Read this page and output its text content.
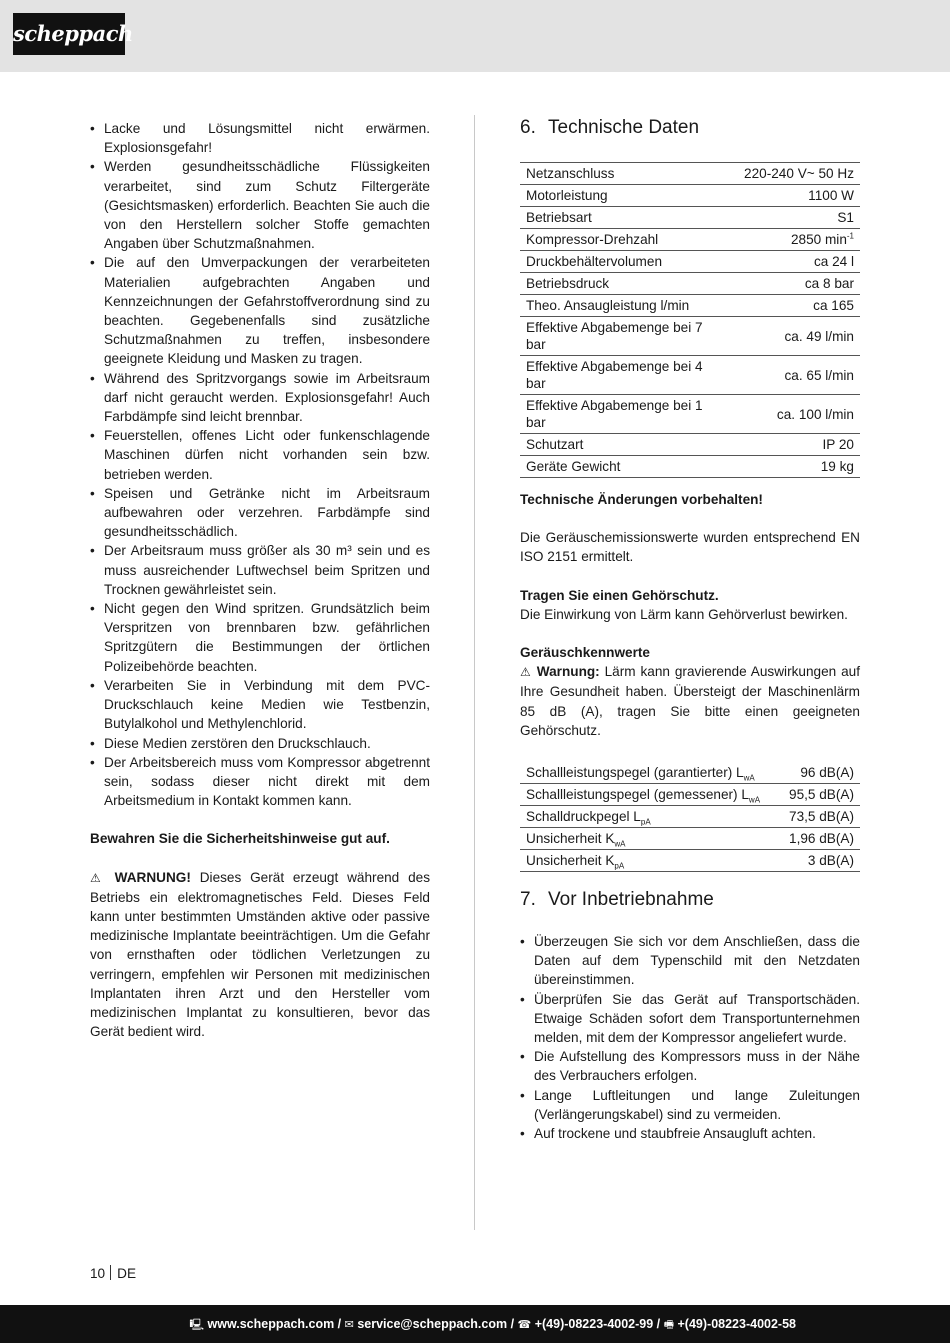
scheppach
• Lacke und Lösungsmittel nicht erwärmen. Explosionsgefahr!
• Werden gesundheitsschädliche Flüssigkeiten verarbeitet, sind zum Schutz Filtergeräte (Gesichtsmasken) erforderlich. Beachten Sie auch die von den Herstellern solcher Stoffe gemachten Angaben über Schutzmaßnahmen.
• Die auf den Umverpackungen der verarbeiteten Materialien aufgebrachten Angaben und Kennzeichnungen der Gefahrstoffverordnung sind zu beachten. Gegebenenfalls sind zusätzliche Schutzmaßnahmen zu treffen, insbesondere geeignete Kleidung und Masken zu tragen.
• Während des Spritzvorgangs sowie im Arbeitsraum darf nicht geraucht werden. Explosionsgefahr! Auch Farbdämpfe sind leicht brennbar.
• Feuerstellen, offenes Licht oder funkenschlagende Maschinen dürfen nicht vorhanden sein bzw. betrieben werden.
• Speisen und Getränke nicht im Arbeitsraum aufbewahren oder verzehren. Farbdämpfe sind gesundheitsschädlich.
• Der Arbeitsraum muss größer als 30 m³ sein und es muss ausreichender Luftwechsel beim Spritzen und Trocknen gewährleistet sein.
• Nicht gegen den Wind spritzen. Grundsätzlich beim Verspritzen von brennbaren bzw. gefährlichen Spritzgütern die Bestimmungen der örtlichen Polizeibehörde beachten.
• Verarbeiten Sie in Verbindung mit dem PVC-Druckschlauch keine Medien wie Testbenzin, Butylalkohol und Methylenchlorid.
• Diese Medien zerstören den Druckschlauch.
• Der Arbeitsbereich muss vom Kompressor abgetrennt sein, sodass dieser nicht direkt mit dem Arbeitsmedium in Kontakt kommen kann.

Bewahren Sie die Sicherheitshinweise gut auf.

⚠ WARNUNG! Dieses Gerät erzeugt während des Betriebs ein elektromagnetisches Feld. Dieses Feld kann unter bestimmten Umständen aktive oder passive medizinische Implantate beeinträchtigen. Um die Gefahr von ernsthaften oder tödlichen Verletzungen zu verringern, empfehlen wir Personen mit medizinischen Implantaten ihren Arzt und den Hersteller vom medizinischen Implantat zu konsultieren, bevor das Gerät bedient wird.

6. Technische Daten
Netzanschluss	220-240 V~ 50 Hz
Motorleistung	1100 W
Betriebsart	S1
Kompressor-Drehzahl	2850 $\min^{-1}$
Druckbehältervolumen	ca 24 l
Betriebsdruck	ca 8 bar
Theo. Ansaugleistung l/min	ca 165
Effektive Abgabemenge bei 7 bar	ca. 49 l/min
Effektive Abgabemenge bei 4 bar	ca. 65 l/min
Effektive Abgabemenge bei 1 bar	ca. 100 l/min
Schutzart	IP 20
Geräte Gewicht	19 kg

Technische Änderungen vorbehalten!

Die Geräuschemissionswerte wurden entsprechend EN ISO 2151 ermittelt.

Tragen Sie einen Gehörschutz.

Die Einwirkung von Lärm kann Gehörverlust bewirken.

Geräuschkennwerte

⚠ Warnung: Lärm kann gravierende Auswirkungen auf Ihre Gesundheit haben. Übersteigt der Maschinenlärm 85 dB (A), tragen Sie bitte einen geeigneten Gehörschutz.

Schallleistungspegel (garantierter) $L_{wA}$	96 dB(A)
Schallleistungspegel (gemessener) $L_{wA}$	95,5 dB(A)
Schalldruckpegel $L_{pA}$	73,5 dB(A)
Unsicherheit $K_{wA}$	1,96 dB(A)
Unsicherheit $K_{pA}$	3 dB(A)
7. Vor Inbetriebnahme
• Überzeugen Sie sich vor dem Anschließen, dass die Daten auf dem Typenschild mit den Netzdaten übereinstimmen.
• Überprüfen Sie das Gerät auf Transportschäden. Etwaige Schäden sofort dem Transportunternehmen melden, mit dem der Kompressor angeliefert wurde.
• Die Aufstellung des Kompressors muss in der Nähe des Verbrauchers erfolgen.
• Lange Luftleitungen und lange Zuleitungen (Verlängerungskabel) sind zu vermeiden.
• Auf trockene und staubfreie Ansaugluft achten.
10 DE
🖳 www.scheppach.com / ✉ service@scheppach.com / ☎ +(49)-08223-4002-99 / 🖷 +(49)-08223-4002-58
